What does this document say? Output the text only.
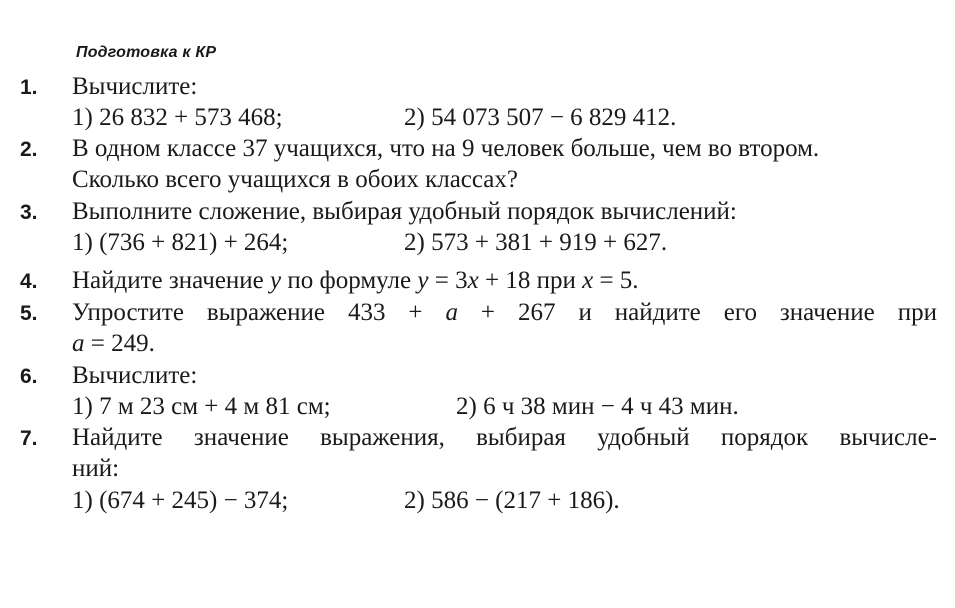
Подготовка к КР
1. Вычислите:
1) 26 832 + 573 468;	2) 54 073 507 − 6 829 412.
2. В одном классе 37 учащихся, что на 9 человек больше, чем во втором.
Сколько всего учащихся в обоих классах?
3. Выполните сложение, выбирая удобный порядок вычислений:
1) (736 + 821) + 264;	2) 573 + 381 + 919 + 627.
4. Найдите значение y по формуле y = 3x + 18 при x = 5.
5. Упростите выражение 433 + a + 267 и найдите его значение при
a = 249.
6. Вычислите:
1) 7 м 23 см + 4 м 81 см;	2) 6 ч 38 мин − 4 ч 43 мин.
7. Найдите значение выражения, выбирая удобный порядок вычисле-
ний:
1) (674 + 245) − 374;	2) 586 − (217 + 186).
